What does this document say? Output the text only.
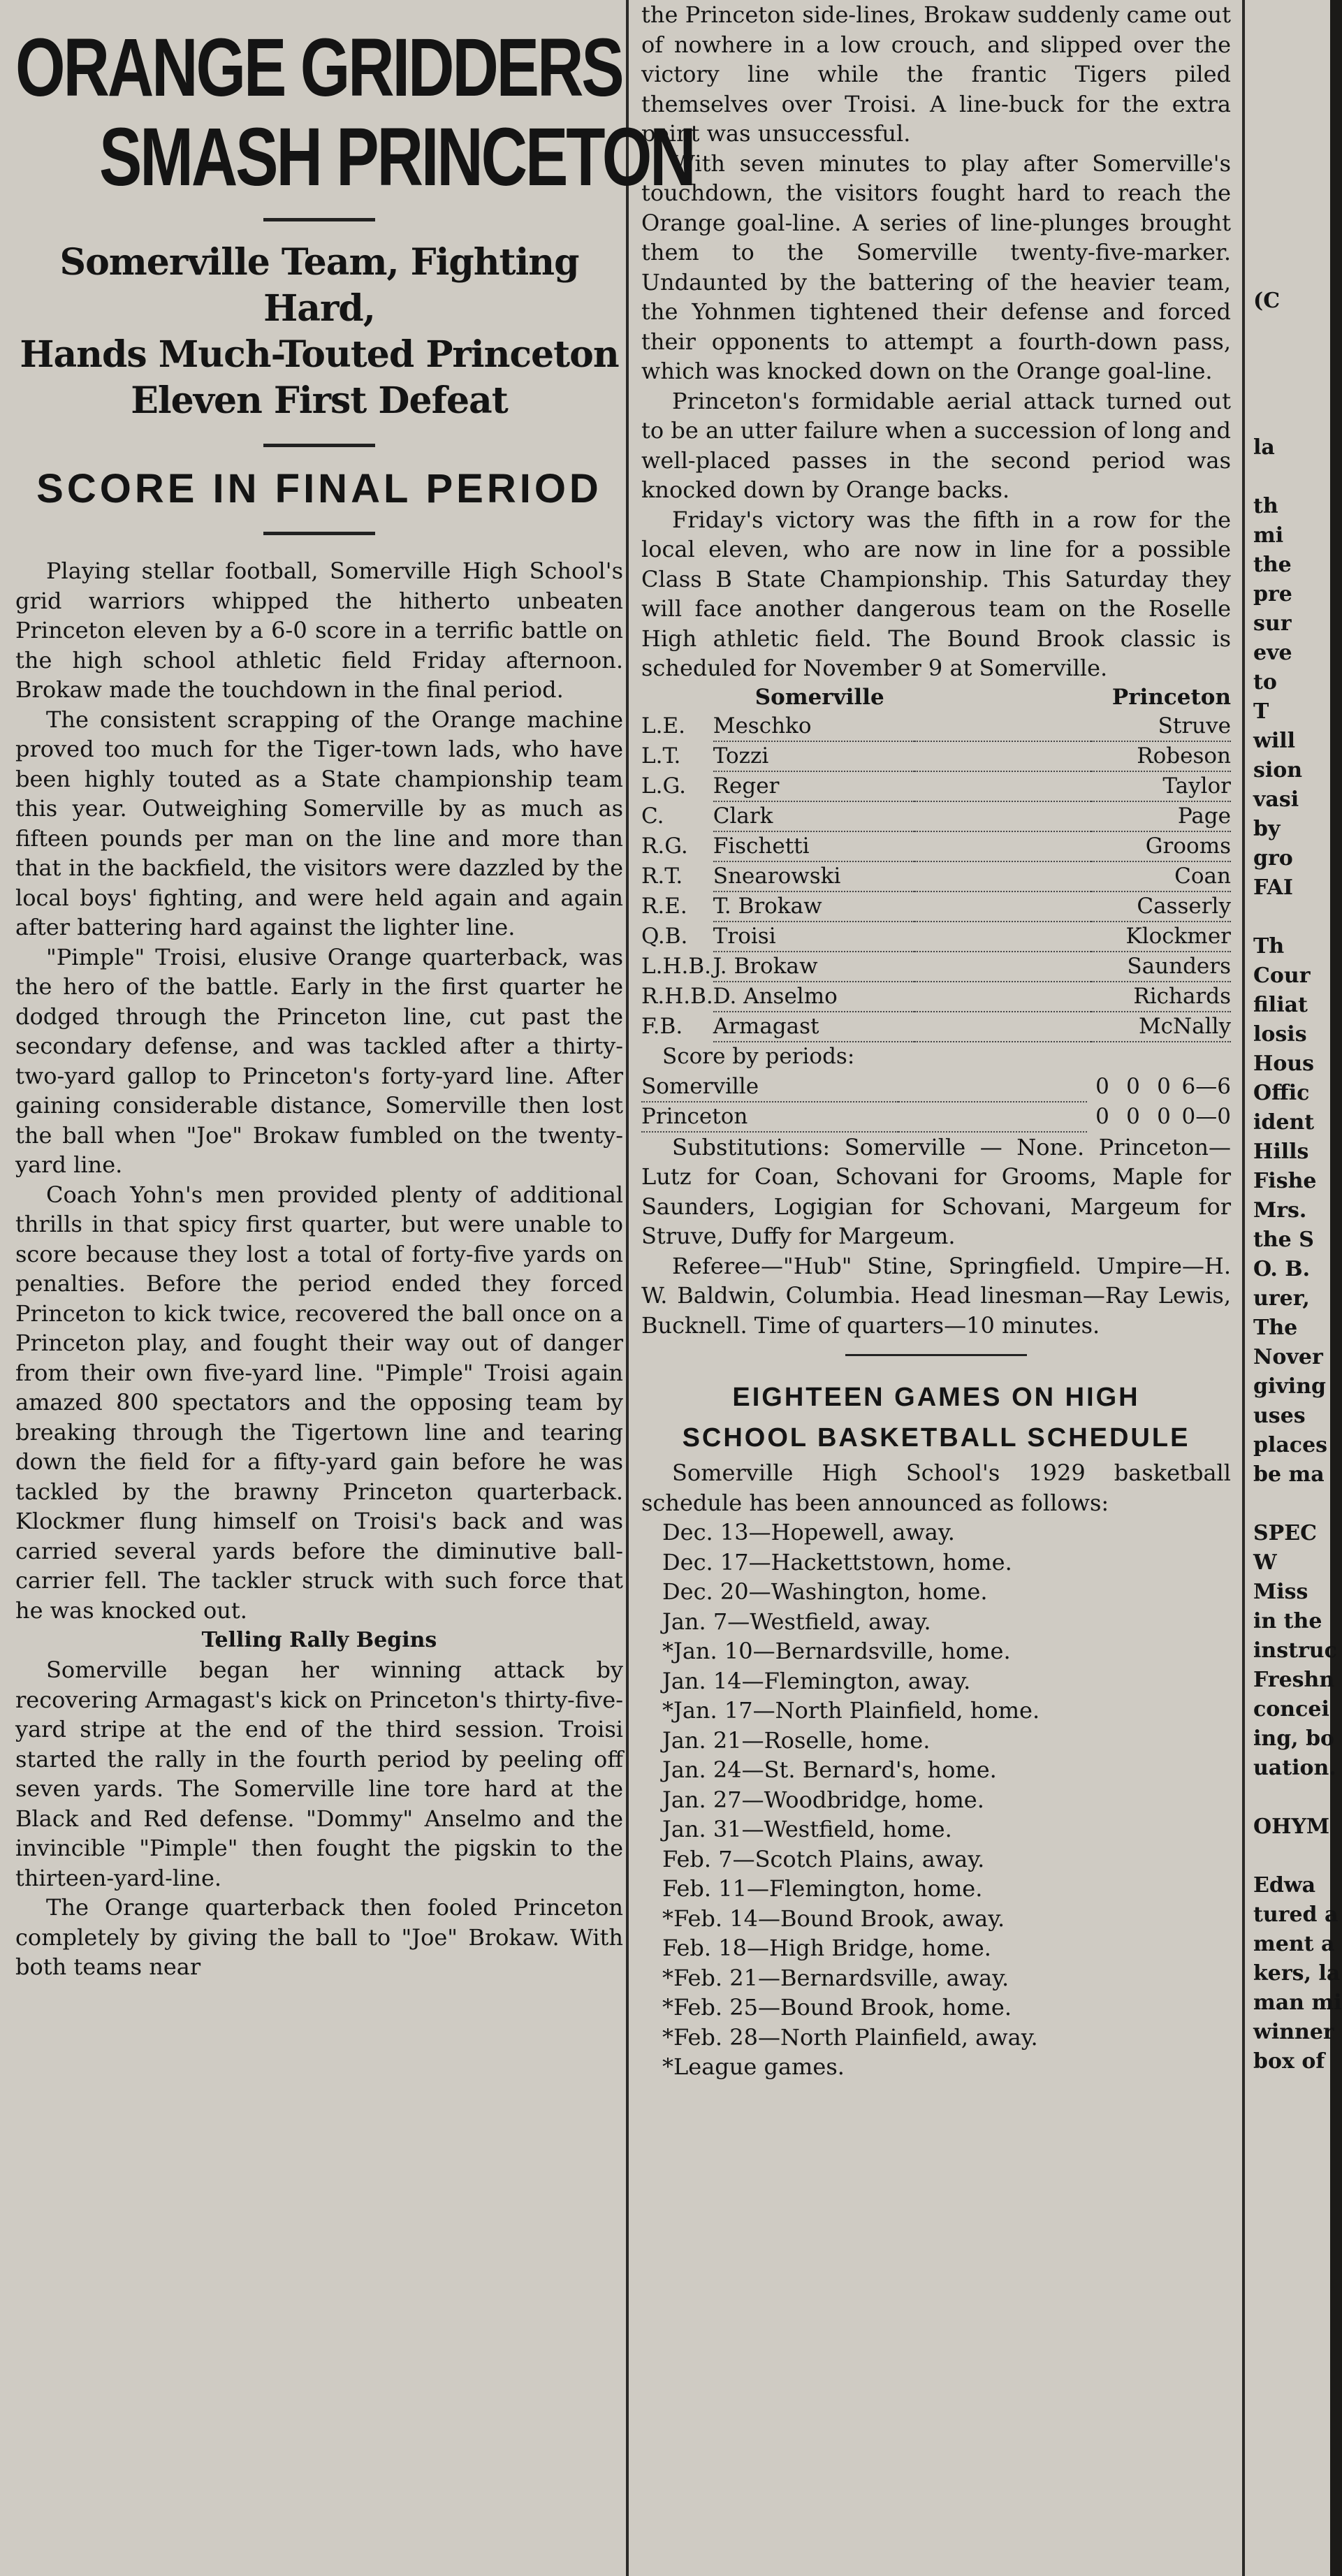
ORANGE GRIDDERS

SMASH PRINCETON

Somerville Team, Fighting Hard,

Hands Much-Touted Princeton

Eleven First Defeat

SCORE IN FINAL PERIOD

Playing stellar football, Somerville High School's grid warriors whipped the hitherto unbeaten Princeton eleven by a 6-0 score in a terrific battle on the high school athletic field Friday afternoon. Brokaw made the touchdown in the final period.

The consistent scrapping of the Orange machine proved too much for the Tiger-town lads, who have been highly touted as a State championship team this year. Outweighing Somerville by as much as fifteen pounds per man on the line and more than that in the backfield, the visitors were dazzled by the local boys' fighting, and were held again and again after battering hard against the lighter line.

"Pimple" Troisi, elusive Orange quarterback, was the hero of the battle. Early in the first quarter he dodged through the Princeton line, cut past the secondary defense, and was tackled after a thirty-two-yard gallop to Princeton's forty-yard line. After gaining considerable distance, Somerville then lost the ball when "Joe" Brokaw fumbled on the twenty-yard line.

Coach Yohn's men provided plenty of additional thrills in that spicy first quarter, but were unable to score because they lost a total of forty-five yards on penalties. Before the period ended they forced Princeton to kick twice, recovered the ball once on a Princeton play, and fought their way out of danger from their own five-yard line. "Pimple" Troisi again amazed 800 spectators and the opposing team by breaking through the Tigertown line and tearing down the field for a fifty-yard gain before he was tackled by the brawny Princeton quarterback. Klockmer flung himself on Troisi's back and was carried several yards before the diminutive ball-carrier fell. The tackler struck with such force that he was knocked out.

Telling Rally Begins

Somerville began her winning attack by recovering Armagast's kick on Princeton's thirty-five-yard stripe at the end of the third session. Troisi started the rally in the fourth period by peeling off seven yards. The Somerville line tore hard at the Black and Red defense. "Dommy" Anselmo and the invincible "Pimple" then fought the pigskin to the thirteen-yard-line.

The Orange quarterback then fooled Princeton completely by giving the ball to "Joe" Brokaw. With both teams near

the Princeton side-lines, Brokaw suddenly came out of nowhere in a low crouch, and slipped over the victory line while the frantic Tigers piled themselves over Troisi. A line-buck for the extra point was unsuccessful.

With seven minutes to play after Somerville's touchdown, the visitors fought hard to reach the Orange goal-line. A series of line-plunges brought them to the Somerville twenty-five-marker. Undaunted by the battering of the heavier team, the Yohnmen tightened their defense and forced their opponents to attempt a fourth-down pass, which was knocked down on the Orange goal-line.

Princeton's formidable aerial attack turned out to be an utter failure when a succession of long and well-placed passes in the second period was knocked down by Orange backs.

Friday's victory was the fifth in a row for the local eleven, who are now in line for a possible Class B State Championship. This Saturday they will face another dangerous team on the Roselle High athletic field. The Bound Brook classic is scheduled for November 9 at Somerville.

	Somerville		Princeton
L.E.	Meschko		Struve
L.T.	Tozzi		Robeson
L.G.	Reger		Taylor
C.	Clark		Page
R.G.	Fischetti		Grooms
R.T.	Snearowski		Coan
R.E.	T. Brokaw		Casserly
Q.B.	Troisi		Klockmer
L.H.B.	J. Brokaw		Saunders
R.H.B.	D. Anselmo		Richards
F.B.	Armagast		McNally
Score by periods:
Somerville		0	0	0	6—6
Princeton		0	0	0	0—0

Substitutions: Somerville — None. Princeton—Lutz for Coan, Schovani for Grooms, Maple for Saunders, Logigian for Schovani, Margeum for Struve, Duffy for Margeum.

Referee—"Hub" Stine, Springfield. Umpire—H. W. Baldwin, Columbia. Head linesman—Ray Lewis, Bucknell. Time of quarters—10 minutes.

EIGHTEEN GAMES ON HIGH

SCHOOL BASKETBALL SCHEDULE

Somerville High School's 1929 basketball schedule has been announced as follows:

Dec. 13—Hopewell, away.
Dec. 17—Hackettstown, home.
Dec. 20—Washington, home.
Jan. 7—Westfield, away.
*Jan. 10—Bernardsville, home.
Jan. 14—Flemington, away.
*Jan. 17—North Plainfield, home.
Jan. 21—Roselle, home.
Jan. 24—St. Bernard's, home.
Jan. 27—Woodbridge, home.
Jan. 31—Westfield, home.
Feb. 7—Scotch Plains, away.
Feb. 11—Flemington, home.
*Feb. 14—Bound Brook, away.
Feb. 18—High Bridge, home.
*Feb. 21—Bernardsville, away.
*Feb. 25—Bound Brook, home.
*Feb. 28—North Plainfield, away.
*League games.

(C

la

th

mi

the

pre

sur

eve

to

T

will

sion

vasi

by

gro

FAI

Th

Cour

filiat

losis

Hous

Offic

ident

Hills

Fishe

Mrs.

the S

O. B.

urer,

The

Nover

giving

uses

places

be ma

SPEC

W

Miss

in the

instruc

Freshn

concei

ing, bo

uation.

OHYM

Edwa

tured a

ment a

kers, la

man mi

winner

box of
